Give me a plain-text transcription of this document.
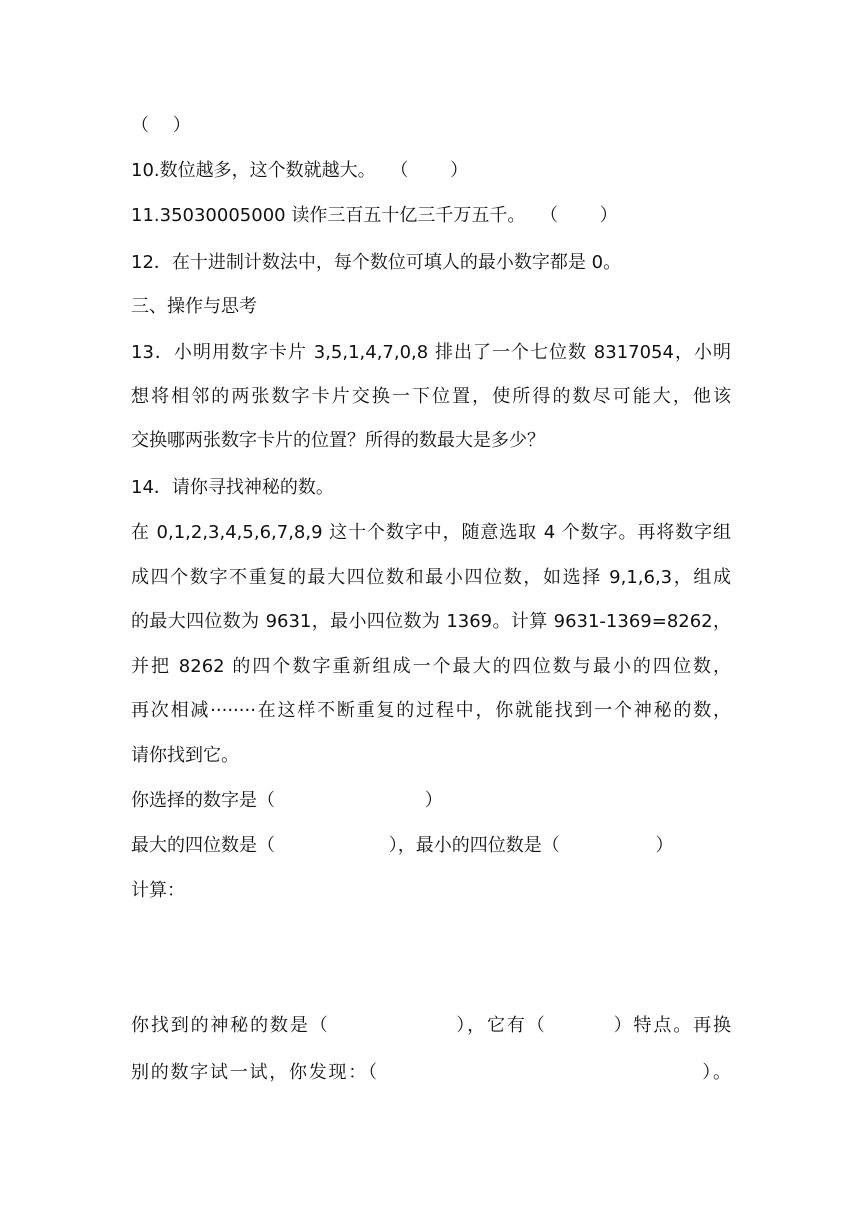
（　 ）
10.数位越多，这个数就越大。　 （　　 ）
11.35030005000 读作三百五十亿三千万五千。　 （　　 ）
12．在十进制计数法中，每个数位可填人的最小数字都是 0。
三、操作与思考
13．小明用数字卡片 3,5,1,4,7,0,8 排出了一个七位数 8317054，小明
想将相邻的两张数字卡片交换一下位置，使所得的数尽可能大，他该
交换哪两张数字卡片的位置？所得的数最大是多少？
14．请你寻找神秘的数。
在 0,1,2,3,4,5,6,7,8,9 这十个数字中，随意选取 4 个数字。再将数字组
成四个数字不重复的最大四位数和最小四位数，如选择 9,1,6,3，组成
的最大四位数为 9631，最小四位数为 1369。计算 9631-1369=8262，
并把 8262 的四个数字重新组成一个最大的四位数与最小的四位数，
再次相减········在这样不断重复的过程中，你就能找到一个神秘的数，
请你找到它。
你选择的数字是（　　　　　　　　 ）
最大的四位数是（　　　　　　 ），最小的四位数是（　　　　　 ）
计算：
你找到的神秘的数是（　　　　　　 ），它有（　　　 ）特点。再换
别的数字试一试，你发现：（　　　　　　　　　　　　　　　　 ）。
